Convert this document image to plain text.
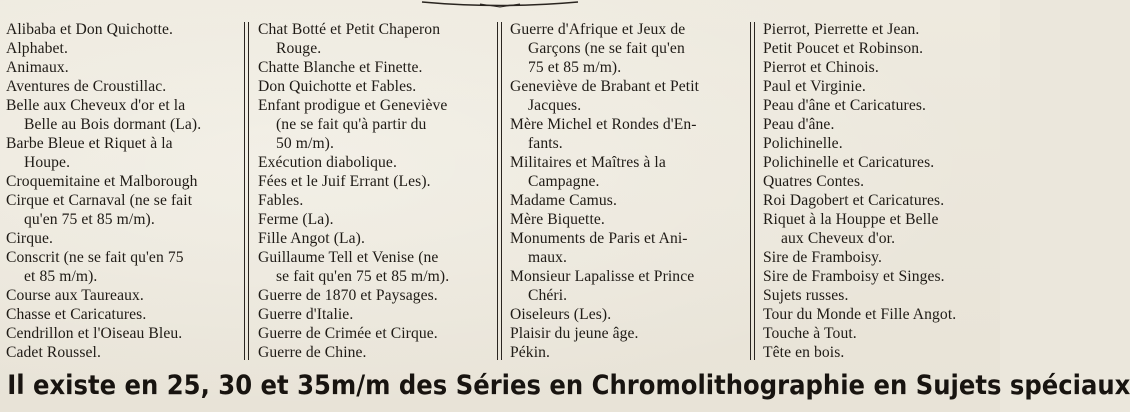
Alibaba et Don Quichotte.
Alphabet.
Animaux.
Aventures de Croustillac.
Belle aux Cheveux d'or et la
Belle au Bois dormant (La).
Barbe Bleue et Riquet à la
Houpe.
Croquemitaine et Malborough
Cirque et Carnaval (ne se fait
qu'en 75 et 85 m/m).
Cirque.
Conscrit (ne se fait qu'en 75
et 85 m/m).
Course aux Taureaux.
Chasse et Caricatures.
Cendrillon et l'Oiseau Bleu.
Cadet Roussel.
Chat Botté et Petit Chaperon
Rouge.
Chatte Blanche et Finette.
Don Quichotte et Fables.
Enfant prodigue et Geneviève
(ne se fait qu'à partir du
50 m/m).
Exécution diabolique.
Fées et le Juif Errant (Les).
Fables.
Ferme (La).
Fille Angot (La).
Guillaume Tell et Venise (ne
se fait qu'en 75 et 85 m/m).
Guerre de 1870 et Paysages.
Guerre d'Italie.
Guerre de Crimée et Cirque.
Guerre de Chine.
Guerre d'Afrique et Jeux de
Garçons (ne se fait qu'en
75 et 85 m/m).
Geneviève de Brabant et Petit
Jacques.
Mère Michel et Rondes d'En-
fants.
Militaires et Maîtres à la
Campagne.
Madame Camus.
Mère Biquette.
Monuments de Paris et Ani-
maux.
Monsieur Lapalisse et Prince
Chéri.
Oiseleurs (Les).
Plaisir du jeune âge.
Pékin.
Pierrot, Pierrette et Jean.
Petit Poucet et Robinson.
Pierrot et Chinois.
Paul et Virginie.
Peau d'âne et Caricatures.
Peau d'âne.
Polichinelle.
Polichinelle et Caricatures.
Quatres Contes.
Roi Dagobert et Caricatures.
Riquet à la Houppe et Belle
aux Cheveux d'or.
Sire de Framboisy.
Sire de Framboisy et Singes.
Sujets russes.
Tour du Monde et Fille Angot.
Touche à Tout.
Tête en bois.
Il existe en 25, 30 et 35m/m des Séries en Chromolithographie en Sujets spéciaux
